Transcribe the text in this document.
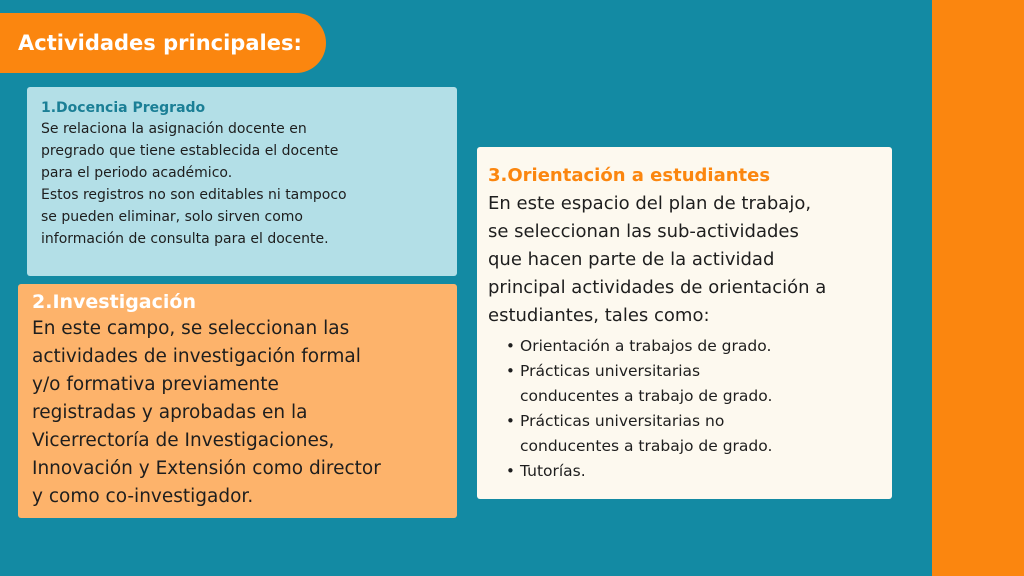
Actividades principales:
1.Docencia Pregrado
Se relaciona la asignación docente en
pregrado que tiene establecida el docente
para el periodo académico.
Estos registros no son editables ni tampoco
se pueden eliminar, solo sirven como
información de consulta para el docente.
2.Investigación
En este campo, se seleccionan las
actividades de investigación formal
y/o formativa previamente
registradas y aprobadas en la
Vicerrectoría de Investigaciones,
Innovación y Extensión como director
y como co-investigador.
3.Orientación a estudiantes
En este espacio del plan de trabajo,
se seleccionan las sub-actividades
que hacen parte de la actividad
principal actividades de orientación a
estudiantes, tales como:
• Orientación a trabajos de grado.
• Prácticas universitarias
conducentes a trabajo de grado.
• Prácticas universitarias no
conducentes a trabajo de grado.
• Tutorías.
